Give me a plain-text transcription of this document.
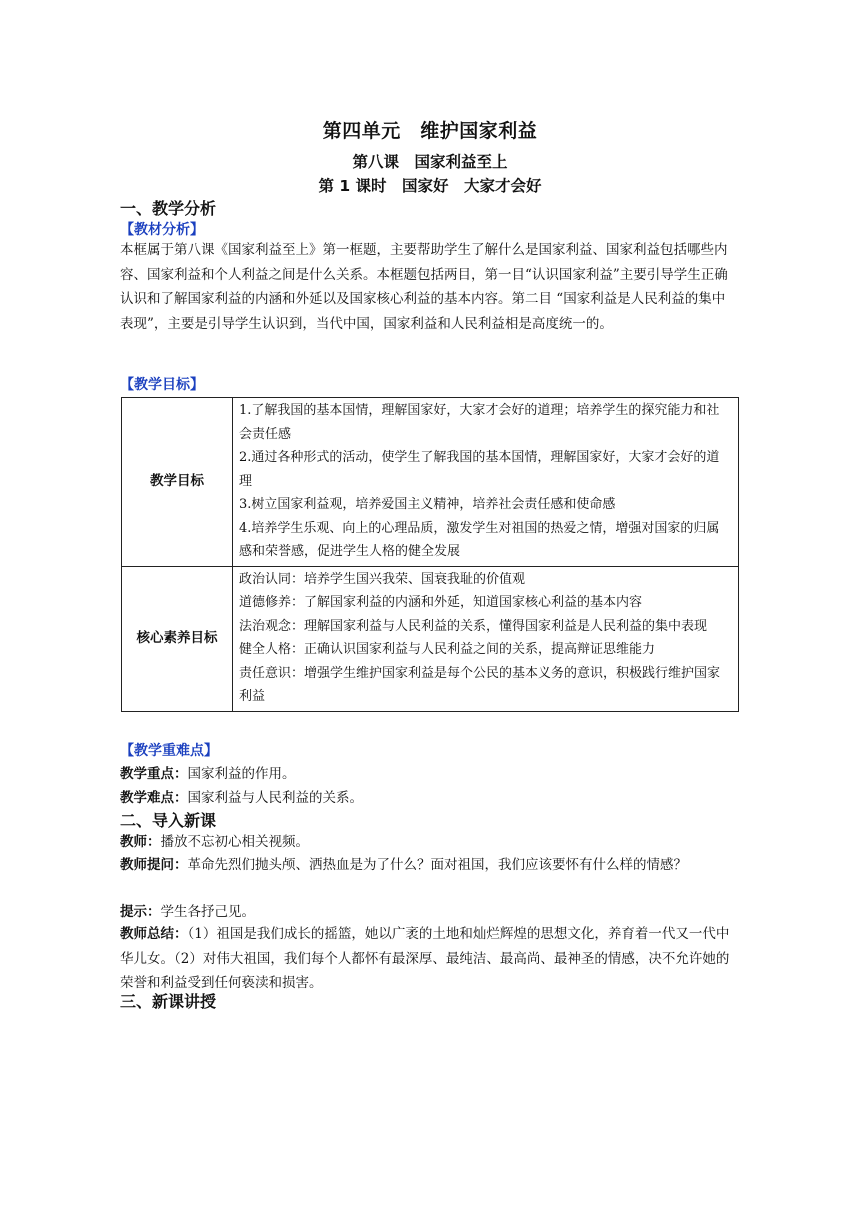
第四单元　维护国家利益
第八课　国家利益至上
第 1 课时　国家好　大家才会好
一、教学分析
【教材分析】
本框属于第八课《国家利益至上》第一框题，主要帮助学生了解什么是国家利益、国家利益包括哪些内容、国家利益和个人利益之间是什么关系。本框题包括两目，第一目“认识国家利益”主要引导学生正确认识和了解国家利益的内涵和外延以及国家核心利益的基本内容。第二目 “国家利益是人民利益的集中表现”，主要是引导学生认识到，当代中国，国家利益和人民利益相是高度统一的。
【教学目标】
教学目标	1.了解我国的基本国情，理解国家好，大家才会好的道理；培养学生的探究能力和社会责任感
2.通过各种形式的活动，使学生了解我国的基本国情，理解国家好，大家才会好的道理
3.树立国家利益观，培养爱国主义精神，培养社会责任感和使命感
4.培养学生乐观、向上的心理品质，激发学生对祖国的热爱之情，增强对国家的归属感和荣誉感，促进学生人格的健全发展

核心素养目标	政治认同：培养学生国兴我荣、国衰我耻的价值观
道德修养：了解国家利益的内涵和外延，知道国家核心利益的基本内容
法治观念：理解国家利益与人民利益的关系，懂得国家利益是人民利益的集中表现
健全人格：正确认识国家利益与人民利益之间的关系，提高辩证思维能力
责任意识：增强学生维护国家利益是每个公民的基本义务的意识，积极践行维护国家利益
【教学重难点】
教学重点：国家利益的作用。
教学难点：国家利益与人民利益的关系。
二、导入新课
教师：播放不忘初心相关视频。
教师提问：革命先烈们抛头颅、洒热血是为了什么？面对祖国，我们应该要怀有什么样的情感？
提示：学生各抒己见。
教师总结：（1）祖国是我们成长的摇篮，她以广袤的土地和灿烂辉煌的思想文化，养育着一代又一代中华儿女。（2）对伟大祖国，我们每个人都怀有最深厚、最纯洁、最高尚、最神圣的情感，决不允许她的荣誉和利益受到任何亵渎和损害。
三、新课讲授
